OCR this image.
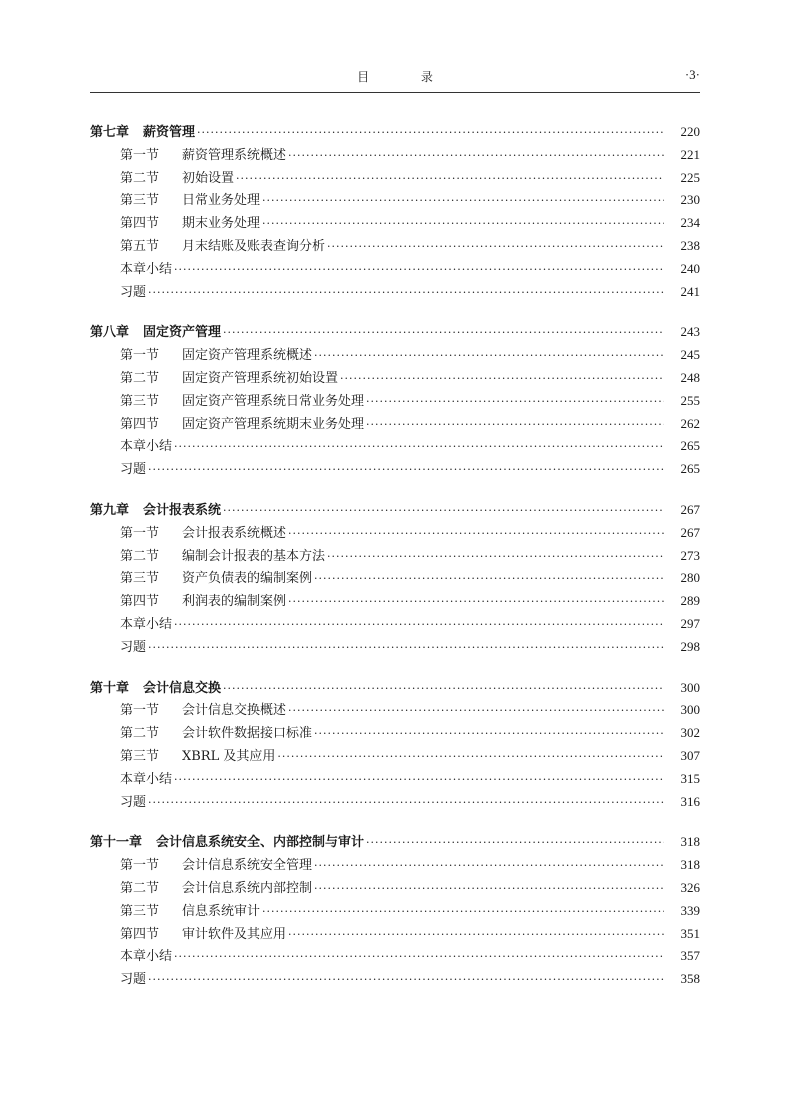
目 录	·3·
第七章 薪资管理 ·····	220
第一节 薪资管理系统概述 ·····	221
第二节 初始设置 ·····	225
第三节 日常业务处理 ·····	230
第四节 期末业务处理 ·····	234
第五节 月末结账及账表查询分析 ·····	238
本章小结 ·····	240
习题 ·····	241
第八章 固定资产管理 ·····	243
第一节 固定资产管理系统概述 ·····	245
第二节 固定资产管理系统初始设置 ·····	248
第三节 固定资产管理系统日常业务处理 ·····	255
第四节 固定资产管理系统期末业务处理 ·····	262
本章小结 ·····	265
习题 ·····	265
第九章 会计报表系统 ·····	267
第一节 会计报表系统概述 ·····	267
第二节 编制会计报表的基本方法 ·····	273
第三节 资产负债表的编制案例 ·····	280
第四节 利润表的编制案例 ·····	289
本章小结 ·····	297
习题 ·····	298
第十章 会计信息交换 ·····	300
第一节 会计信息交换概述 ·····	300
第二节 会计软件数据接口标准 ·····	302
第三节 XBRL 及其应用 ·····	307
本章小结 ·····	315
习题 ·····	316
第十一章 会计信息系统安全、内部控制与审计 ·····	318
第一节 会计信息系统安全管理 ·····	318
第二节 会计信息系统内部控制 ·····	326
第三节 信息系统审计 ·····	339
第四节 审计软件及其应用 ·····	351
本章小结 ·····	357
习题 ·····	358
